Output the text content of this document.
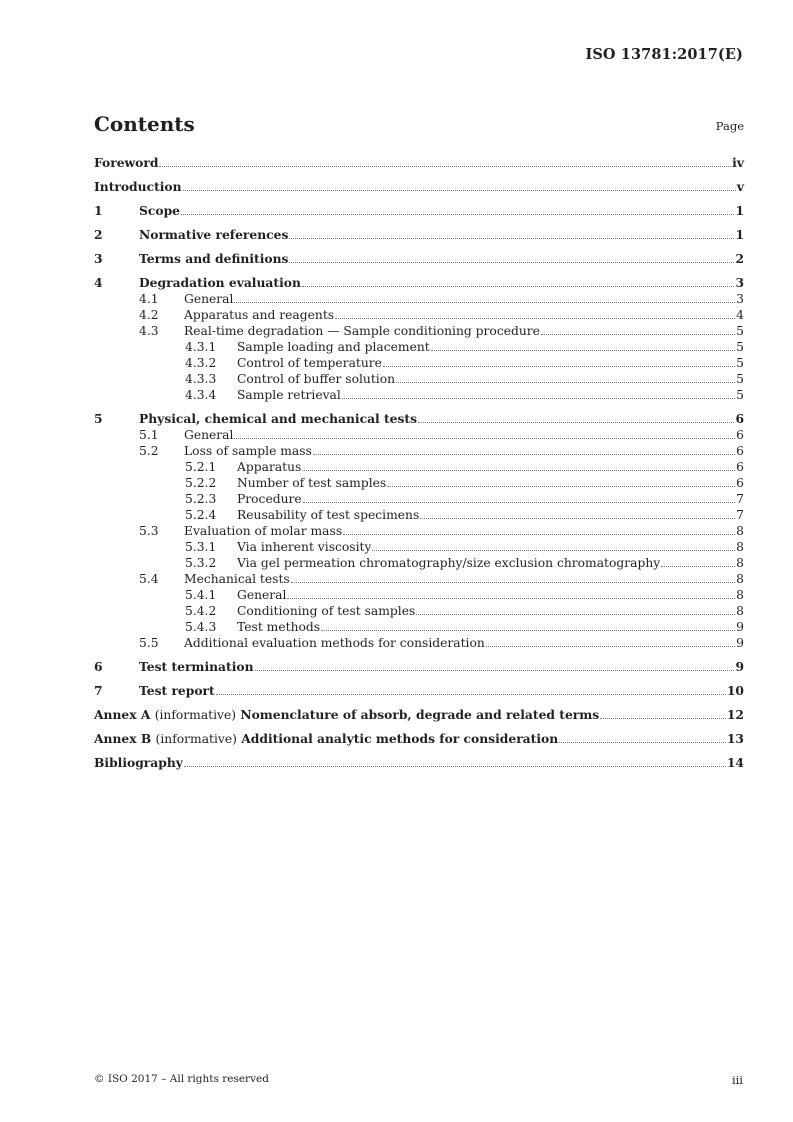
ISO 13781:2017(E)
Contents	Page
Foreword	iv
Introduction	v
1	Scope	1
2	Normative references	1
3	Terms and definitions	2
4	Degradation evaluation	3
4.1	General	3
4.2	Apparatus and reagents	4
4.3	Real-time degradation — Sample conditioning procedure	5
4.3.1	Sample loading and placement	5
4.3.2	Control of temperature	5
4.3.3	Control of buffer solution	5
4.3.4	Sample retrieval	5
5	Physical, chemical and mechanical tests	6
5.1	General	6
5.2	Loss of sample mass	6
5.2.1	Apparatus	6
5.2.2	Number of test samples	6
5.2.3	Procedure	7
5.2.4	Reusability of test specimens	7
5.3	Evaluation of molar mass	8
5.3.1	Via inherent viscosity	8
5.3.2	Via gel permeation chromatography/size exclusion chromatography	8
5.4	Mechanical tests	8
5.4.1	General	8
5.4.2	Conditioning of test samples	8
5.4.3	Test methods	9
5.5	Additional evaluation methods for consideration	9
6	Test termination	9
7	Test report	10
Annex A (informative) Nomenclature of absorb, degrade and related terms	12
Annex B (informative) Additional analytic methods for consideration	13
Bibliography	14
© ISO 2017 – All rights reserved	iii
